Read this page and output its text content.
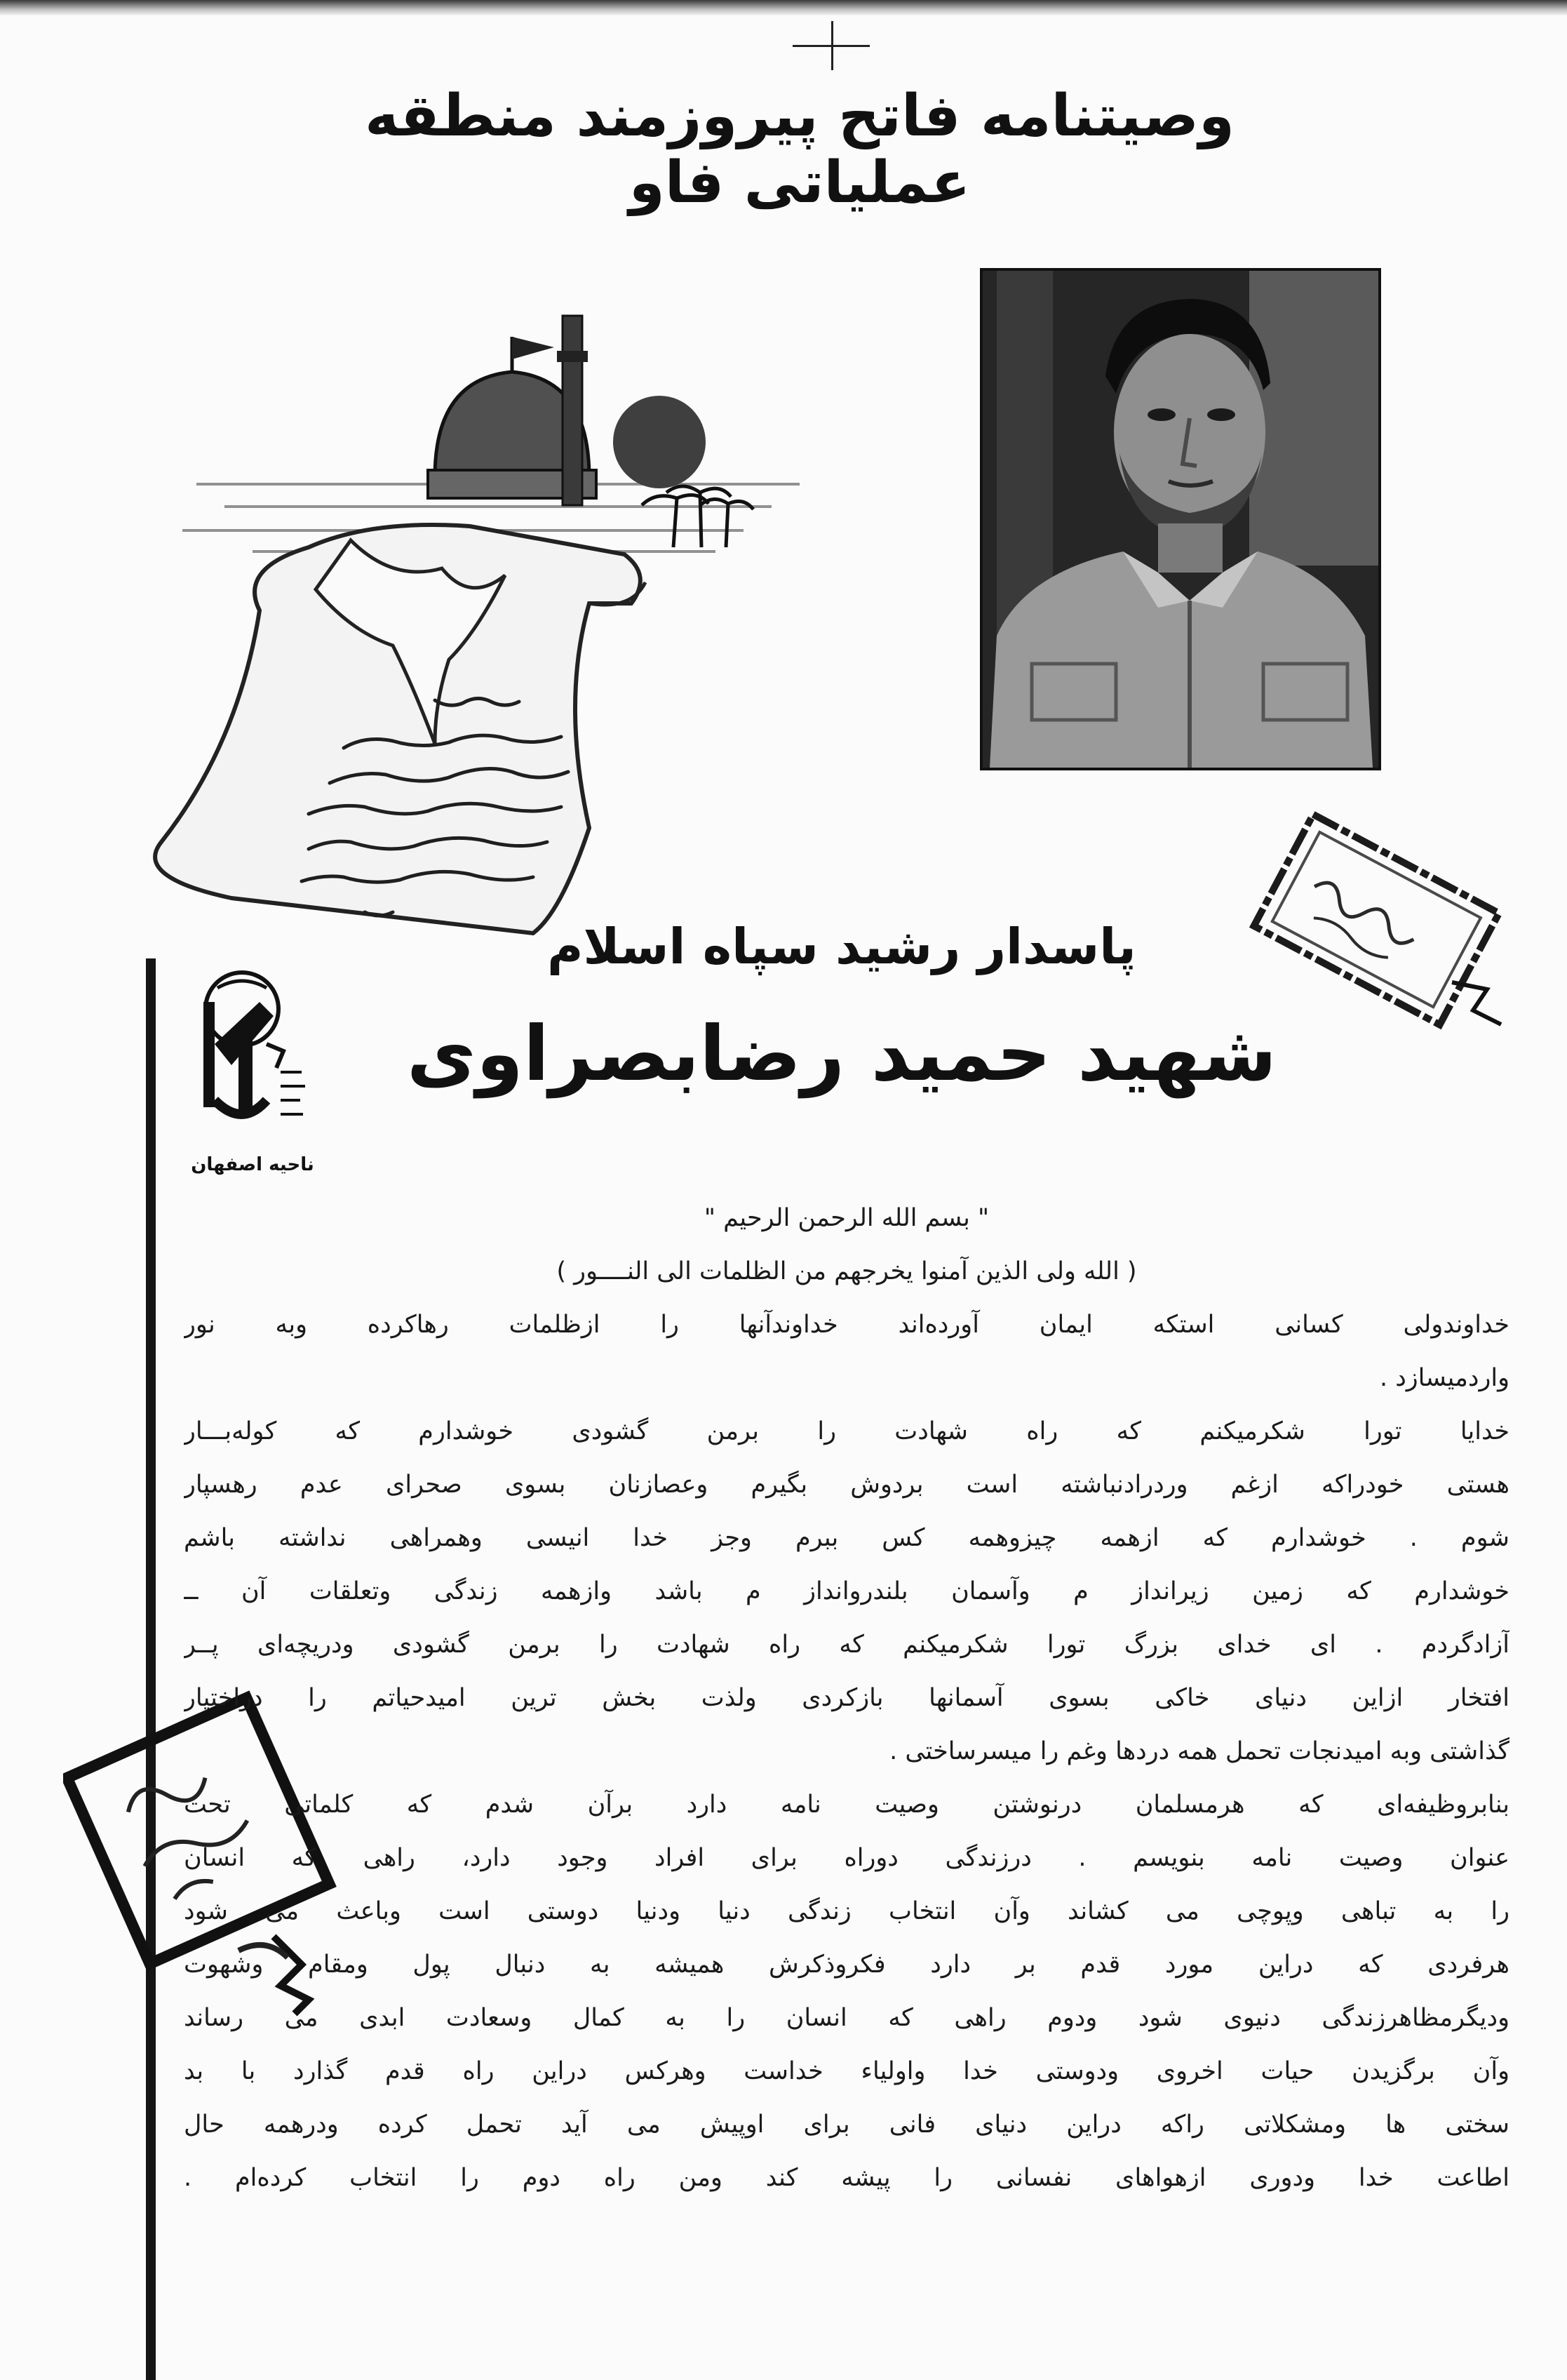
وصیتنامه فاتح پیروزمند منطقه عملیاتی فاو
پاسدار رشید سپاه اسلام
شهید حمید رضابصراوی
ناحیه اصفهان

" بسم الله الرحمن الرحیم "

( الله ولی الذین آمنوا یخرجهم من الظلمات الی النــــور )

خداوندولی کسانی استکه ایمان آورده‌اند خداوندآنها را ازظلمات رهاکرده وبه نور

واردمیسازد .

خدایا تورا شکرمیکنم که راه شهادت را برمن گشودی خوشدارم که کوله‌بـــار

هستی خودراکه ازغم وردرادنباشته است بردوش بگیرم وعصازنان بسوی صحرای عدم رهسپار

شوم . خوشدارم که ازهمه چیزوهمه کس ببرم وجز خدا انیسی وهمراهی نداشته باشم

خوشدارم که زمین زیرانداز م وآسمان بلندروانداز م باشد وازهمه زندگی وتعلقات آن ــ

آزادگردم . ای خدای بزرگ تورا شکرمیکنم که راه شهادت را برمن گشودی ودریچه‌ای پــر

افتخار ازاین دنیای خاکی بسوی آسمانها بازکردی ولذت بخش ترین امیدحیاتم را دراختیار

گذاشتی وبه امیدنجات تحمل همه دردها وغم را میسرساختی .

بنابروظیفه‌ای که هرمسلمان درنوشتن وصیت نامه دارد برآن شدم که کلماتی تحت

عنوان وصیت نامه بنویسم . درزندگی دوراه برای افراد وجود دارد، راهی که انسان

را به تباهی وپوچی می کشاند وآن انتخاب زندگی دنیا ودنیا دوستی است وباعث می شود

هرفردی که دراین مورد قدم بر دارد فکروذکرش همیشه به دنبال پول ومقام وشهوت

ودیگرمظاهرزندگی دنیوی شود ودوم راهی که انسان را به کمال وسعادت ابدی می رساند

وآن برگزیدن حیات اخروی ودوستی خدا واولیاء خداست وهرکس دراین راه قدم گذارد با بد

سختی ها ومشکلاتی راکه دراین دنیای فانی برای اوپیش می آید تحمل کرده ودرهمه حال

اطاعت خدا ودوری ازهواهای نفسانی را پیشه کند ومن راه دوم را انتخاب کرده‌ام .
